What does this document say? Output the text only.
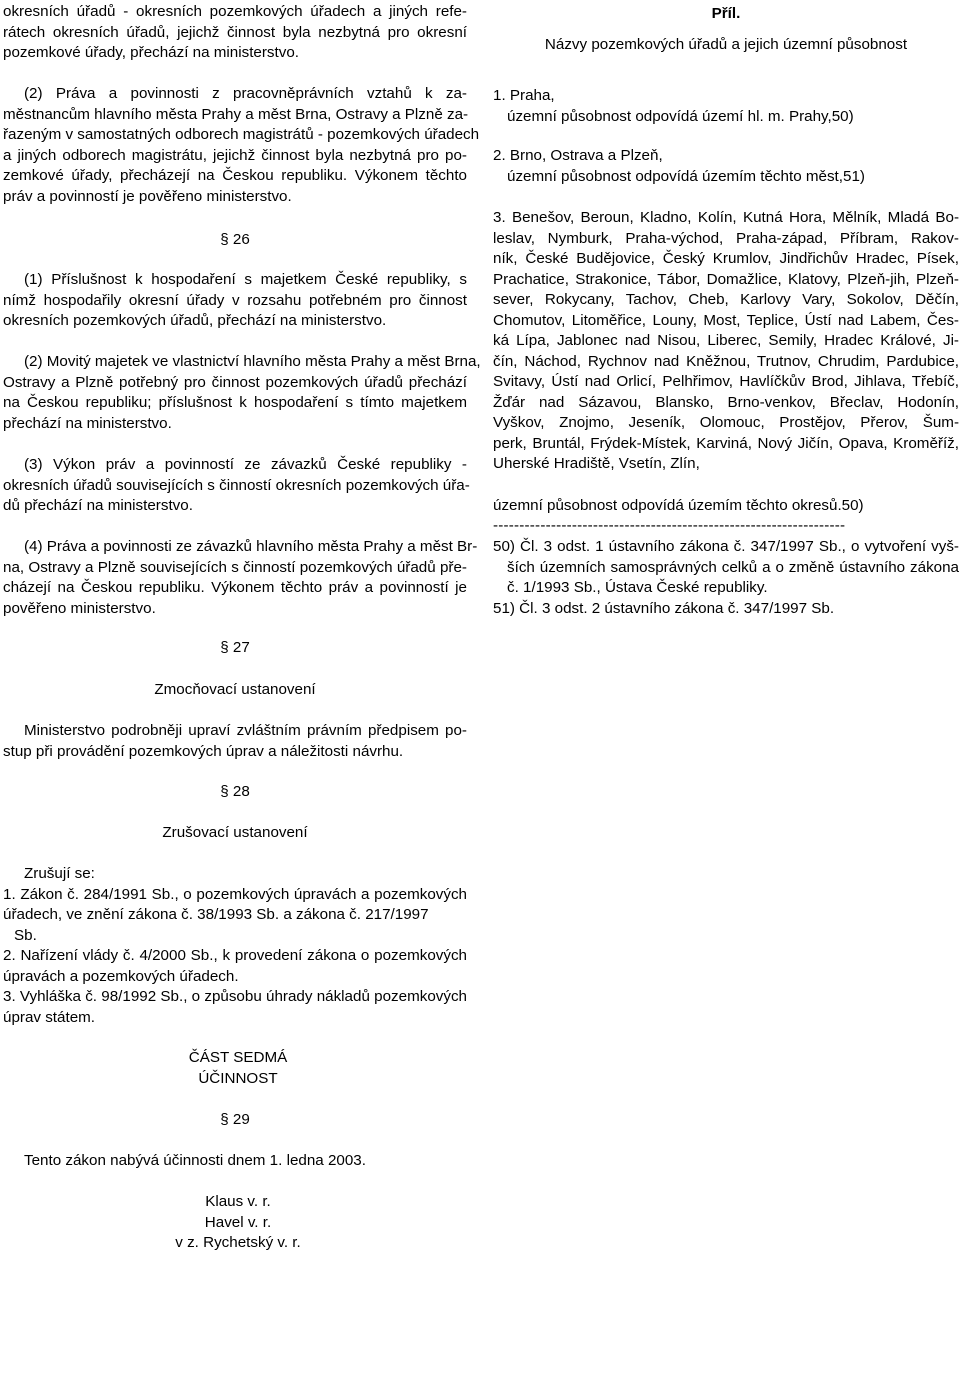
okresních úřadů - okresních pozemkových úřadech a jiných refe-
rátech okresních úřadů, jejichž činnost byla nezbytná pro okresní
pozemkové úřady, přechází na ministerstvo.
(2) Práva a povinnosti z pracovněprávních vztahů k za-
městnancům hlavního města Prahy a měst Brna, Ostravy a Plzně za-
řazeným v samostatných odborech magistrátů - pozemkových úřadech
a jiných odborech magistrátu, jejichž činnost byla nezbytná pro po-
zemkové úřady, přecházejí na Českou republiku. Výkonem těchto
práv a povinností je pověřeno ministerstvo.
§ 26
(1) Příslušnost k hospodaření s majetkem České republiky, s
nímž hospodařily okresní úřady v rozsahu potřebném pro činnost
okresních pozemkových úřadů, přechází na ministerstvo.
(2) Movitý majetek ve vlastnictví hlavního města Prahy a měst Brna,
Ostravy a Plzně potřebný pro činnost pozemkových úřadů přechází
na Českou republiku; příslušnost k hospodaření s tímto majetkem
přechází na ministerstvo.
(3) Výkon práv a povinností ze závazků České republiky -
okresních úřadů souvisejících s činností okresních pozemkových úřa-
dů přechází na ministerstvo.
(4) Práva a povinnosti ze závazků hlavního města Prahy a měst Br-
na, Ostravy a Plzně souvisejících s činností pozemkových úřadů pře-
cházejí na Českou republiku. Výkonem těchto práv a povinností je
pověřeno ministerstvo.
§ 27
Zmocňovací ustanovení
Ministerstvo podrobněji upraví zvláštním právním předpisem po-
stup při provádění pozemkových úprav a náležitosti návrhu.
§ 28
Zrušovací ustanovení
Zrušují se:
1. Zákon č. 284/1991 Sb., o pozemkových úpravách a pozemkových
úřadech, ve znění zákona č. 38/1993 Sb. a zákona č. 217/1997
Sb.
2. Nařízení vlády č. 4/2000 Sb., k provedení zákona o pozemkových
úpravách a pozemkových úřadech.
3. Vyhláška č. 98/1992 Sb., o způsobu úhrady nákladů pozemkových
úprav státem.
ČÁST SEDMÁ
ÚČINNOST
§ 29
Tento zákon nabývá účinnosti dnem 1. ledna 2003.
Klaus v. r.
Havel v. r.
v z. Rychetský v. r.
Příl.
Názvy pozemkových úřadů a jejich územní působnost
1. Praha,
územní působnost odpovídá území hl. m. Prahy,50)
2. Brno, Ostrava a Plzeň,
územní působnost odpovídá územím těchto měst,51)
3. Benešov, Beroun, Kladno, Kolín, Kutná Hora, Mělník, Mladá Bo-
leslav, Nymburk, Praha-východ, Praha-západ, Příbram, Rakov-
ník, České Budějovice, Český Krumlov, Jindřichův Hradec, Písek,
Prachatice, Strakonice, Tábor, Domažlice, Klatovy, Plzeň-jih, Plzeň-
sever, Rokycany, Tachov, Cheb, Karlovy Vary, Sokolov, Děčín,
Chomutov, Litoměřice, Louny, Most, Teplice, Ústí nad Labem, Čes-
ká Lípa, Jablonec nad Nisou, Liberec, Semily, Hradec Králové, Ji-
čín, Náchod, Rychnov nad Kněžnou, Trutnov, Chrudim, Pardubice,
Svitavy, Ústí nad Orlicí, Pelhřimov, Havlíčkův Brod, Jihlava, Třebíč,
Žďár nad Sázavou, Blansko, Brno-venkov, Břeclav, Hodonín,
Vyškov, Znojmo, Jeseník, Olomouc, Prostějov, Přerov, Šum-
perk, Bruntál, Frýdek-Místek, Karviná, Nový Jičín, Opava, Kroměříž,
Uherské Hradiště, Vsetín, Zlín,
územní působnost odpovídá územím těchto okresů.50)
-------------------------------------------------------------------
50) Čl. 3 odst. 1 ústavního zákona č. 347/1997 Sb., o vytvoření vyš-
ších územních samosprávných celků a o změně ústavního zákona
č. 1/1993 Sb., Ústava České republiky.
51) Čl. 3 odst. 2 ústavního zákona č. 347/1997 Sb.
